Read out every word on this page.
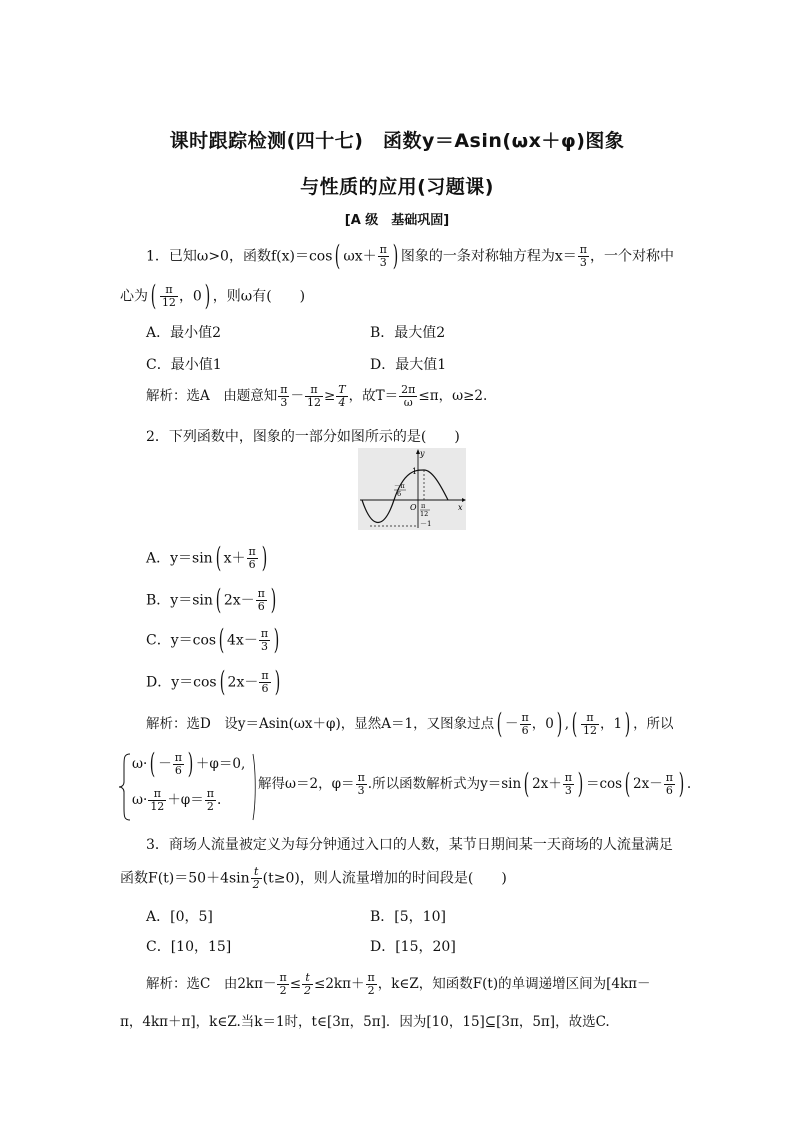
课时跟踪检测(四十七)　函数y＝Asin(ωx＋φ)图象
与性质的应用(习题课)
[A 级　基础巩固]
1．已知ω>0，函数f(x)＝cos( $\omega x+ \frac{\pi}{3}$ ) 图象的一条对称轴方程为$x= \frac{\pi}{3}$ ，一个对称中
心为( $\frac{\pi}{12}$ ，0) ，则ω有(　　)
A．最小值2	B．最大值2
C．最小值1	D．最大值1
解析：选A　由题意知 $\frac{\pi}{3} - \frac{\pi}{12} \ge \frac{T}{4}$ ，故$T= \frac{2\pi}{\omega} \le\pi$，ω≥2.
2．下列函数中，图象的一部分如图所示的是(　　)
y
x
O
1
－1
－π
6
π
12
A．y＝sin( $x+ \frac{\pi}{6}$ )
B．y＝sin( $2x- \frac{\pi}{6}$ )
C．y＝cos( $4x- \frac{\pi}{3}$ )
D．y＝cos( $2x- \frac{\pi}{6}$ )
解析：选D　设y＝Asin(ωx＋φ)，显然A＝1，又图象过点( － $\frac{\pi}{6}$ ，0) ,( $\frac{\pi}{12}$ ，1) ，所以
$\omega\cdot( - \frac{\pi}{6}$ ) ＋φ＝0,
$\omega\cdot \frac{\pi}{12} +\varphi= \frac{\pi}{2}$ .
解得ω＝2，$\varphi= \frac{\pi}{3}$ .所以函数解析式为y＝sin( $2x+ \frac{\pi}{3}$ ) ＝cos( $2x- \frac{\pi}{6}$ ) .
3．商场人流量被定义为每分钟通过入口的人数，某节日期间某一天商场的人流量满足
函数$F(t)=50+4\sin \frac{t}{2} (t\ge 0)$，则人流量增加的时间段是(　　)
A．[0，5]	B．[5，10]
C．[10，15]	D．[15，20]
解析：选C　由$2k\pi- \frac{\pi}{2} \le \frac{t}{2} \le 2k\pi+ \frac{\pi}{2}$ ，k∈Z，知函数F(t)的单调递增区间为[4kπ－
π，4kπ＋π]，k∈Z.当k＝1时，t∈[3π，5π]．因为[10，15]⊆[3π，5π]，故选C.
